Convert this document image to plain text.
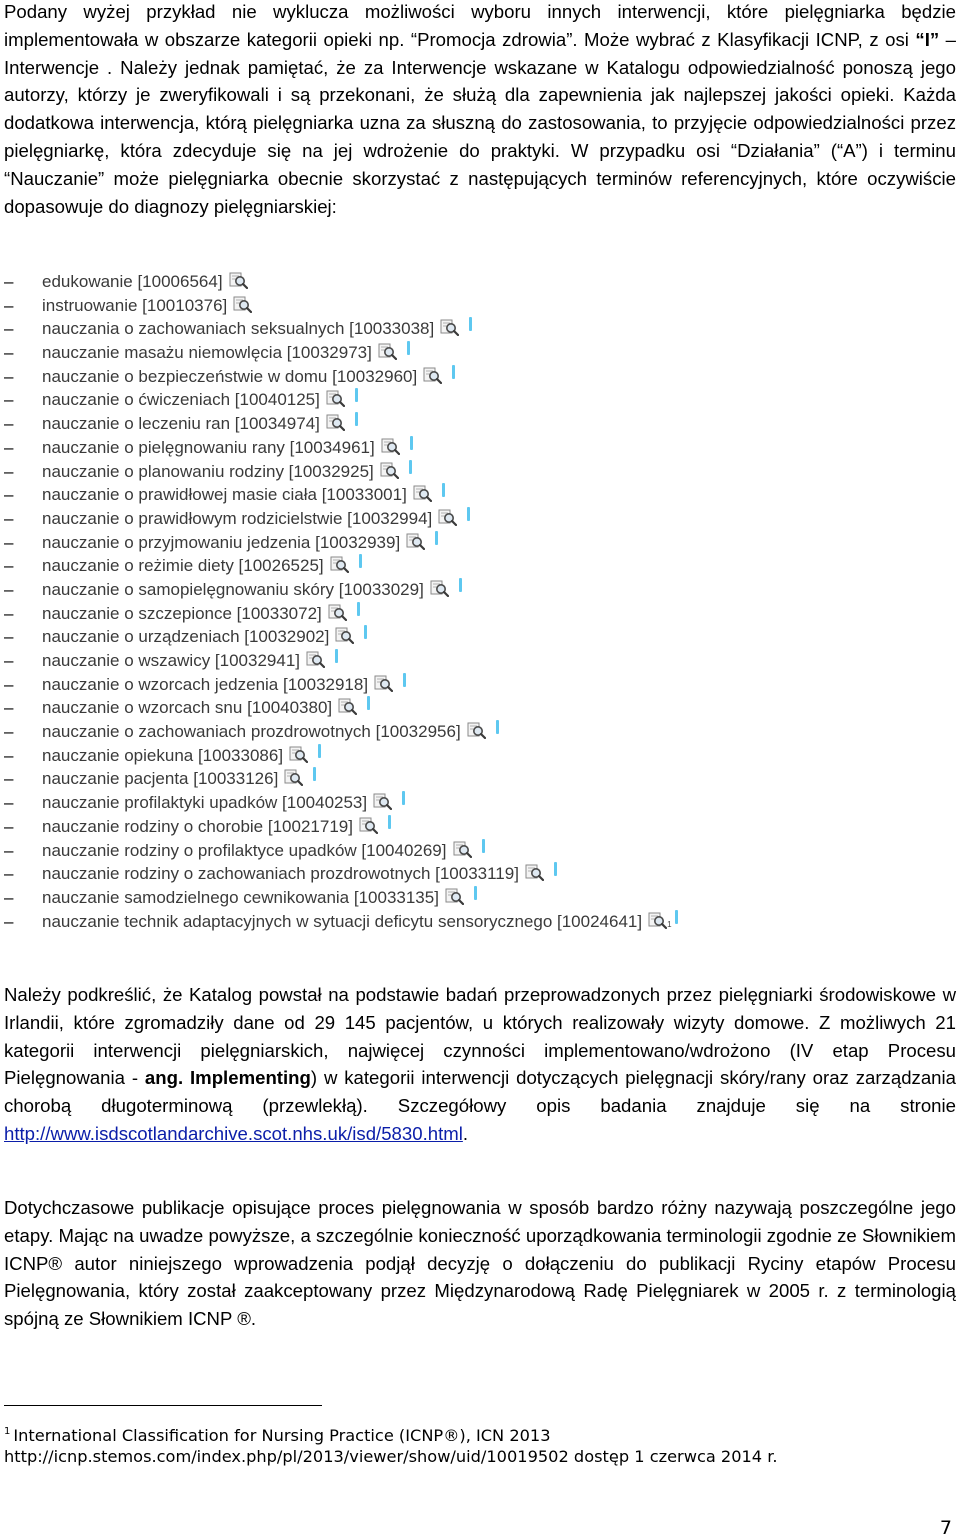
Podany wyżej przykład nie wyklucza możliwości wyboru innych interwencji, które pielęgniarka będzie implementowała w obszarze kategorii opieki np. “Promocja zdrowia”. Może wybrać z Klasyfikacji ICNP, z osi “I” – Interwencje . Należy jednak pamiętać, że za Interwencje wskazane w Katalogu odpowiedzialność ponoszą jego autorzy, którzy je zweryfikowali i są przekonani, że służą dla zapewnienia jak najlepszej jakości opieki. Każda dodatkowa interwencja, którą pielęgniarka uzna za słuszną do zastosowania, to przyjęcie odpowiedzialności przez pielęgniarkę, która zdecyduje się na jej wdrożenie do praktyki. W przypadku osi “Działania” (“A”) i terminu “Nauczanie” może pielęgniarka obecnie skorzystać z następujących terminów referencyjnych, które oczywiście dopasowuje do diagnozy pielęgniarskiej:

– edukowanie [10006564]
– instruowanie [10010376]
– nauczania o zachowaniach seksualnych [10033038]
– nauczanie masażu niemowlęcia [10032973]
– nauczanie o bezpieczeństwie w domu [10032960]
– nauczanie o ćwiczeniach [10040125]
– nauczanie o leczeniu ran [10034974]
– nauczanie o pielęgnowaniu rany [10034961]
– nauczanie o planowaniu rodziny [10032925]
– nauczanie o prawidłowej masie ciała [10033001]
– nauczanie o prawidłowym rodzicielstwie [10032994]
– nauczanie o przyjmowaniu jedzenia [10032939]
– nauczanie o reżimie diety [10026525]
– nauczanie o samopielęgnowaniu skóry [10033029]
– nauczanie o szczepionce [10033072]
– nauczanie o urządzeniach [10032902]
– nauczanie o wszawicy [10032941]
– nauczanie o wzorcach jedzenia [10032918]
– nauczanie o wzorcach snu [10040380]
– nauczanie o zachowaniach prozdrowotnych [10032956]
– nauczanie opiekuna [10033086]
– nauczanie pacjenta [10033126]
– nauczanie profilaktyki upadków [10040253]
– nauczanie rodziny o chorobie [10021719]
– nauczanie rodziny o profilaktyce upadków [10040269]
– nauczanie rodziny o zachowaniach prozdrowotnych [10033119]
– nauczanie samodzielnego cewnikowania [10033135]
– nauczanie technik adaptacyjnych w sytuacji deficytu sensorycznego [10024641]	1

Należy podkreślić, że Katalog powstał na podstawie badań przeprowadzonych przez pielęgniarki środowiskowe w Irlandii, które zgromadziły dane od 29 145 pacjentów, u których realizowały wizyty domowe. Z możliwych 21 kategorii interwencji pielęgniarskich, najwięcej czynności implementowano/wdrożono (IV etap Procesu Pielęgnowania - ang. Implementing) w kategorii interwencji dotyczących pielęgnacji skóry/rany oraz zarządzania chorobą długoterminową (przewlekłą). Szczegółowy opis badania znajduje się na stronie http://www.isdscotlandarchive.scot.nhs.uk/isd/5830.html.

Dotychczasowe publikacje opisujące proces pielęgnowania w sposób bardzo różny nazywają poszczególne jego etapy. Mając na uwadze powyższe, a szczególnie konieczność uporządkowania terminologii zgodnie ze Słownikiem ICNP® autor niniejszego wprowadzenia podjął decyzję o dołączeniu do publikacji Ryciny etapów Procesu Pielęgnowania, który został zaakceptowany przez Międzynarodową Radę Pielęgniarek w 2005 r. z terminologią spójną ze Słownikiem ICNP ®.

$^1$ International Classification for Nursing Practice (ICNP®), ICN 2013
http://icnp.stemos.com/index.php/pl/2013/viewer/show/uid/10019502 dostęp 1 czerwca 2014 r.
7
